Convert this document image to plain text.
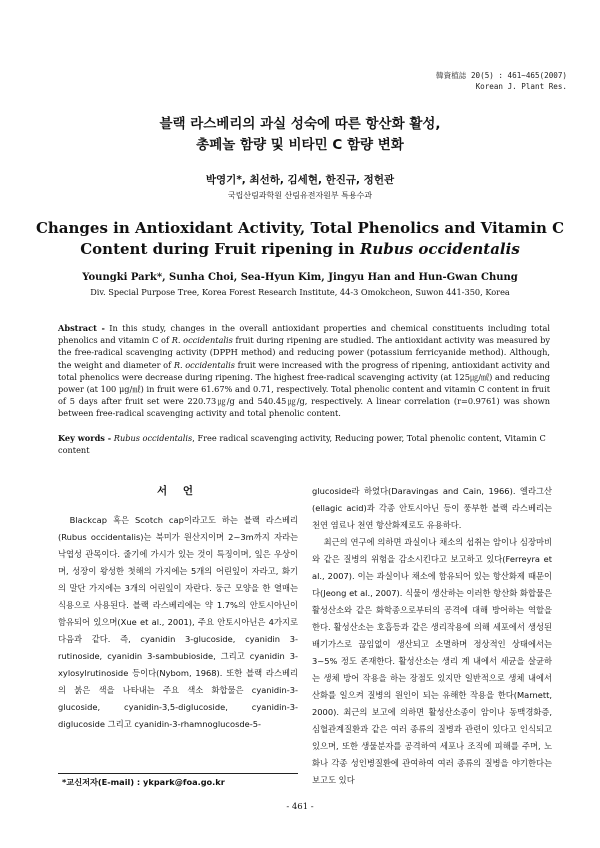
韓資植誌 20(5) : 461~465(2007)
Korean J. Plant Res.
블랙 라스베리의 과실 성숙에 따른 항산화 활성,
총페놀 함량 및 비타민 C 함량 변화
박영기*, 최선하, 김세현, 한진규, 정헌관
국립산림과학원 산림유전자원부 특용수과
Changes in Antioxidant Activity, Total Phenolics and Vitamin C
Content during Fruit ripening in Rubus occidentalis
Youngki Park*, Sunha Choi, Sea-Hyun Kim, Jingyu Han and Hun-Gwan Chung
Div. Special Purpose Tree, Korea Forest Research Institute, 44-3 Omokcheon, Suwon 441-350, Korea

Abstract - In this study, changes in the overall antioxidant properties and chemical constituents including total phenolics and vitamin C of R. occidentalis fruit during ripening are studied. The antioxidant activity was measured by the free-radical scavenging activity (DPPH method) and reducing power (potassium ferricyanide method). Although, the weight and diameter of R. occidentalis fruit were increased with the progress of ripening, antioxidant activity and total phenolics were decrease during ripening. The highest free-radical scavenging activity (at 125㎍/㎖) and reducing power (at 100 μg/㎖) in fruit were 61.67% and 0.71, respectively. Total phenolic content and vitamin C content in fruit of 5 days after fruit set were 220.73㎍/g and 540.45㎍/g, respectively. A linear correlation (r=0.9761) was shown between free-radical scavenging activity and total phenolic content.

Key words - Rubus occidentalis, Free radical scavenging activity, Reducing power, Total phenolic content, Vitamin C content

서 언

Blackcap 혹은 Scotch cap이라고도 하는 블랙 라스베리(Rubus occidentalis)는 북미가 원산지이며 2~3m까지 자라는 낙엽성 관목이다. 줄기에 가시가 있는 것이 특징이며, 잎은 우상이며, 성장이 왕성한 첫해의 가지에는 5개의 어린잎이 자라고, 화기의 말단 가지에는 3개의 어린잎이 자란다. 둥근 모양을 한 열매는 식용으로 사용된다. 블랙 라스베리에는 약 1.7%의 안토시아닌이 함유되어 있으며(Xue et al., 2001), 주요 안토시아닌은 4가지로 다음과 같다. 즉, cyanidin 3-glucoside, cyanidin 3-rutinoside, cyanidin 3-sambubioside, 그리고 cyanidin 3-xylosylrutinoside 등이다(Nybom, 1968). 또한 블랙 라스베리의 붉은 색을 나타내는 주요 색소 화합물은 cyanidin-3-glucoside, cyanidin-3,5-diglucoside, cyanidin-3-diglucoside 그리고 cyanidin-3-rhamnoglucosde-5-

glucoside라 하였다(Daravingas and Cain, 1966). 엘라그산(ellagic acid)과 각종 안토시아닌 등이 풍부한 블랙 라스베리는 천연 염료나 천연 항산화제로도 유용하다.

최근의 연구에 의하면 과실이나 채소의 섭취는 암이나 심장마비와 같은 질병의 위험을 감소시킨다고 보고하고 있다(Ferreyra et al., 2007). 이는 과실이나 채소에 함유되어 있는 항산화제 때문이다(Jeong et al., 2007). 식물이 생산하는 이러한 항산화 화합물은 활성산소와 같은 화학종으로부터의 공격에 대해 방어하는 역할을 한다. 활성산소는 호흡등과 같은 생리작용에 의해 세포에서 생성된 배기가스로 끊임없이 생산되고 소멸하며 정상적인 상태에서는 3~5% 정도 존재한다. 활성산소는 생리 계 내에서 세균을 살균하는 생체 방어 작용을 하는 장점도 있지만 일반적으로 생체 내에서 산화를 일으켜 질병의 원인이 되는 유해한 작용을 한다(Marnett, 2000). 최근의 보고에 의하면 활성산소종이 암이나 동맥경화증, 심혈관계질환과 같은 여러 종류의 질병과 관련이 있다고 인식되고 있으며, 또한 생물분자를 공격하여 세포나 조직에 피해를 주며, 노화나 각종 성인병질환에 관여하여 여러 종류의 질병을 야기한다는 보고도 있다

*교신저자(E-mail) : ykpark@foa.go.kr
- 461 -
